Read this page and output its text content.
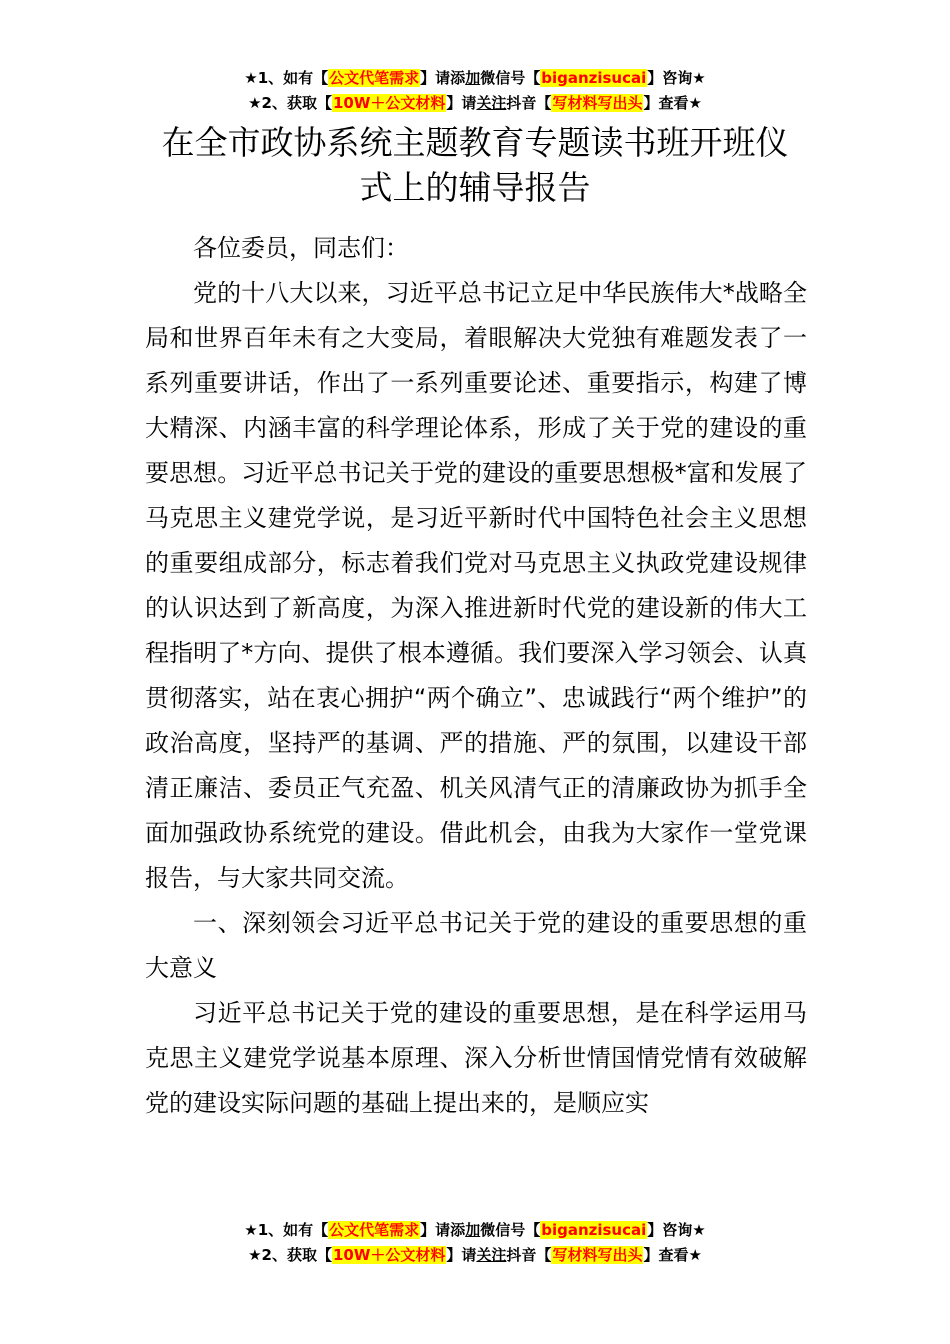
★1、如有【公文代笔需求】请添加微信号【biganzisucai】咨询★
★2、获取【10W＋公文材料】请关注抖音【写材料写出头】查看★
在全市政协系统主题教育专题读书班开班仪
式上的辅导报告

各位委员，同志们：

党的十八大以来，习近平总书记立足中华民族伟大*战略全局和世界百年未有之大变局，着眼解决大党独有难题发表了一系列重要讲话，作出了一系列重要论述、重要指示，构建了博大精深、内涵丰富的科学理论体系，形成了关于党的建设的重要思想。习近平总书记关于党的建设的重要思想极*富和发展了马克思主义建党学说，是习近平新时代中国特色社会主义思想的重要组成部分，标志着我们党对马克思主义执政党建设规律的认识达到了新高度，为深入推进新时代党的建设新的伟大工程指明了*方向、提供了根本遵循。我们要深入学习领会、认真贯彻落实，站在衷心拥护“两个确立”、忠诚践行“两个维护”的政治高度，坚持严的基调、严的措施、严的氛围，以建设干部清正廉洁、委员正气充盈、机关风清气正的清廉政协为抓手全面加强政协系统党的建设。借此机会，由我为大家作一堂党课报告，与大家共同交流。

一、深刻领会习近平总书记关于党的建设的重要思想的重大意义

习近平总书记关于党的建设的重要思想，是在科学运用马克思主义建党学说基本原理、深入分析世情国情党情有效破解党的建设实际问题的基础上提出来的，是顺应实

★1、如有【公文代笔需求】请添加微信号【biganzisucai】咨询★
★2、获取【10W＋公文材料】请关注抖音【写材料写出头】查看★
